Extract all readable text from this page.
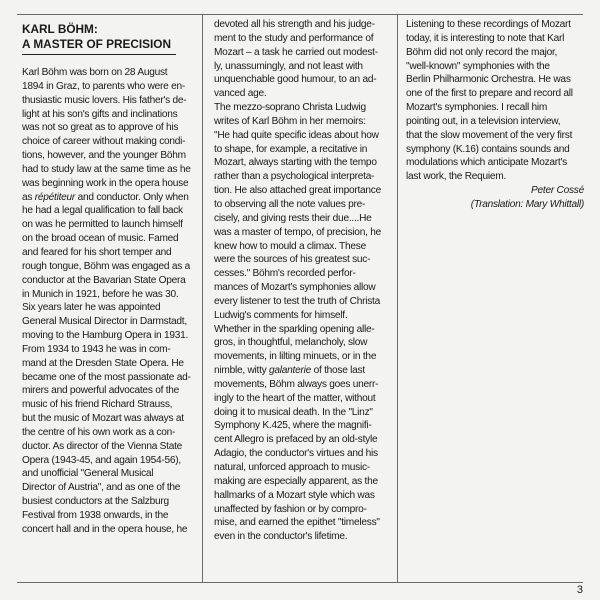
KARL BÖHM:
A MASTER OF PRECISION

Karl Böhm was born on 28 August
1894 in Graz, to parents who were en-
thusiastic music lovers. His father's de-
light at his son's gifts and inclinations
was not so great as to approve of his
choice of career without making condi-
tions, however, and the younger Böhm
had to study law at the same time as he
was beginning work in the opera house
as répétiteur and conductor. Only when
he had a legal qualification to fall back
on was he permitted to launch himself
on the broad ocean of music. Famed
and feared for his short temper and
rough tongue, Böhm was engaged as a
conductor at the Bavarian State Opera
in Munich in 1921, before he was 30.
Six years later he was appointed
General Musical Director in Darmstadt,
moving to the Hamburg Opera in 1931.
From 1934 to 1943 he was in com-
mand at the Dresden State Opera. He
became one of the most passionate ad-
mirers and powerful advocates of the
music of his friend Richard Strauss,
but the music of Mozart was always at
the centre of his own work as a con-
ductor. As director of the Vienna State
Opera (1943-45, and again 1954-56),
and unofficial "General Musical
Director of Austria", and as one of the
busiest conductors at the Salzburg
Festival from 1938 onwards, in the
concert hall and in the opera house, he

devoted all his strength and his judge-
ment to the study and performance of
Mozart – a task he carried out modest-
ly, unassumingly, and not least with
unquenchable good humour, to an ad-
vanced age.

The mezzo-soprano Christa Ludwig
writes of Karl Böhm in her memoirs:
"He had quite specific ideas about how
to shape, for example, a recitative in
Mozart, always starting with the tempo
rather than a psychological interpreta-
tion. He also attached great importance
to observing all the note values pre-
cisely, and giving rests their due....He
was a master of tempo, of precision, he
knew how to mould a climax. These
were the sources of his greatest suc-
cesses." Böhm's recorded perfor-
mances of Mozart's symphonies allow
every listener to test the truth of Christa
Ludwig's comments for himself.
Whether in the sparkling opening alle-
gros, in thoughtful, melancholy, slow
movements, in lilting minuets, or in the
nimble, witty galanterie of those last
movements, Böhm always goes unerr-
ingly to the heart of the matter, without
doing it to musical death. In the "Linz"
Symphony K.425, where the magnifi-
cent Allegro is prefaced by an old-style
Adagio, the conductor's virtues and his
natural, unforced approach to music-
making are especially apparent, as the
hallmarks of a Mozart style which was
unaffected by fashion or by compro-
mise, and earned the epithet "timeless"
even in the conductor's lifetime.

Listening to these recordings of Mozart
today, it is interesting to note that Karl
Böhm did not only record the major,
"well-known" symphonies with the
Berlin Philharmonic Orchestra. He was
one of the first to prepare and record all
Mozart's symphonies. I recall him
pointing out, in a television interview,
that the slow movement of the very first
symphony (K.16) contains sounds and
modulations which anticipate Mozart's
last work, the Requiem.

Peter Cossé
(Translation: Mary Whittall)

3
